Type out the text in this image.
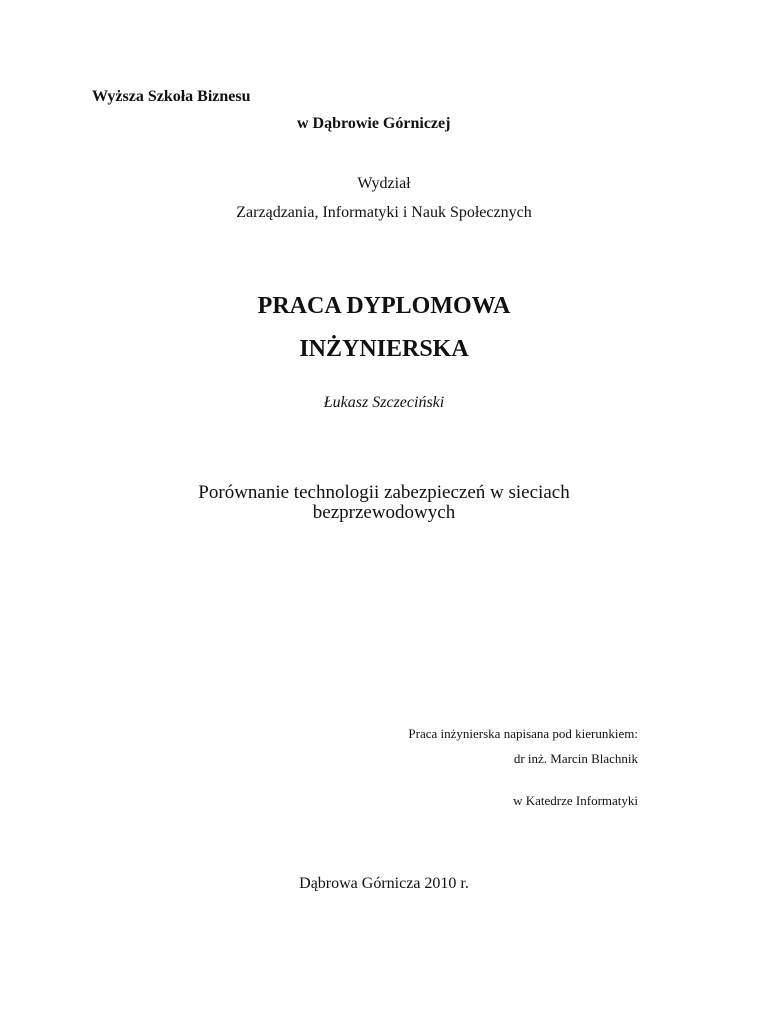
Wyższa Szkoła Biznesu
w Dąbrowie Górniczej
Wydział
Zarządzania, Informatyki i Nauk Społecznych
PRACA DYPLOMOWA
INŻYNIERSKA
Łukasz Szczeciński
Porównanie technologii zabezpieczeń w sieciach
bezprzewodowych
Praca inżynierska napisana pod kierunkiem:
dr inż. Marcin Blachnik
w Katedrze Informatyki
Dąbrowa Górnicza 2010 r.
